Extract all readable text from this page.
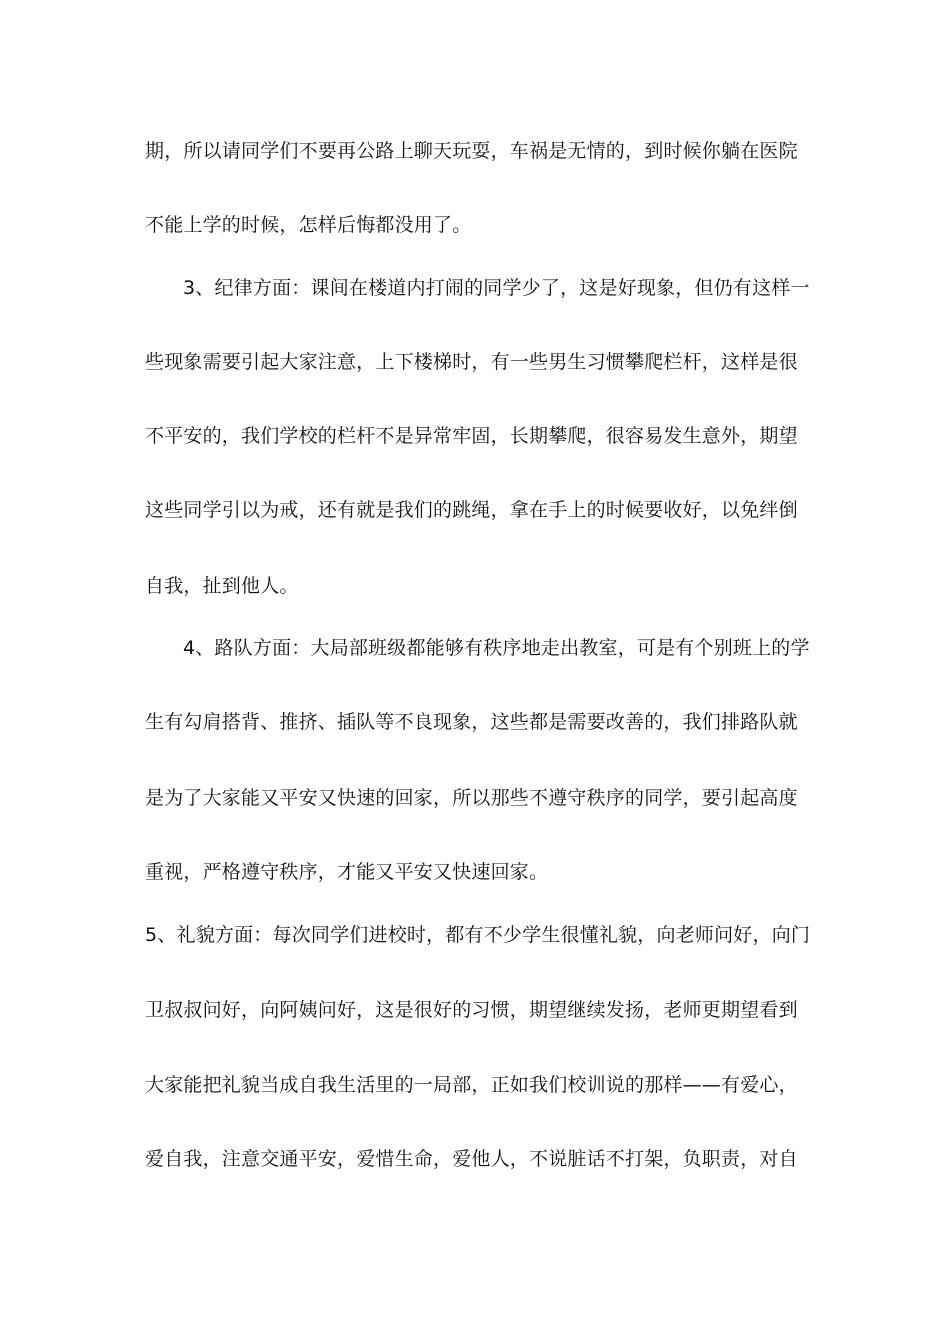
期，所以请同学们不要再公路上聊天玩耍，车祸是无情的，到时候你躺在医院
不能上学的时候，怎样后悔都没用了。
3、纪律方面：课间在楼道内打闹的同学少了，这是好现象，但仍有这样一
些现象需要引起大家注意，上下楼梯时，有一些男生习惯攀爬栏杆，这样是很
不平安的，我们学校的栏杆不是异常牢固，长期攀爬，很容易发生意外，期望
这些同学引以为戒，还有就是我们的跳绳，拿在手上的时候要收好，以免绊倒
自我，扯到他人。
4、路队方面：大局部班级都能够有秩序地走出教室，可是有个别班上的学
生有勾肩搭背、推挤、插队等不良现象，这些都是需要改善的，我们排路队就
是为了大家能又平安又快速的回家，所以那些不遵守秩序的同学，要引起高度
重视，严格遵守秩序，才能又平安又快速回家。
5、礼貌方面：每次同学们进校时，都有不少学生很懂礼貌，向老师问好，向门
卫叔叔问好，向阿姨问好，这是很好的习惯，期望继续发扬，老师更期望看到
大家能把礼貌当成自我生活里的一局部，正如我们校训说的那样——有爱心，
爱自我，注意交通平安，爱惜生命，爱他人，不说脏话不打架，负职责，对自
